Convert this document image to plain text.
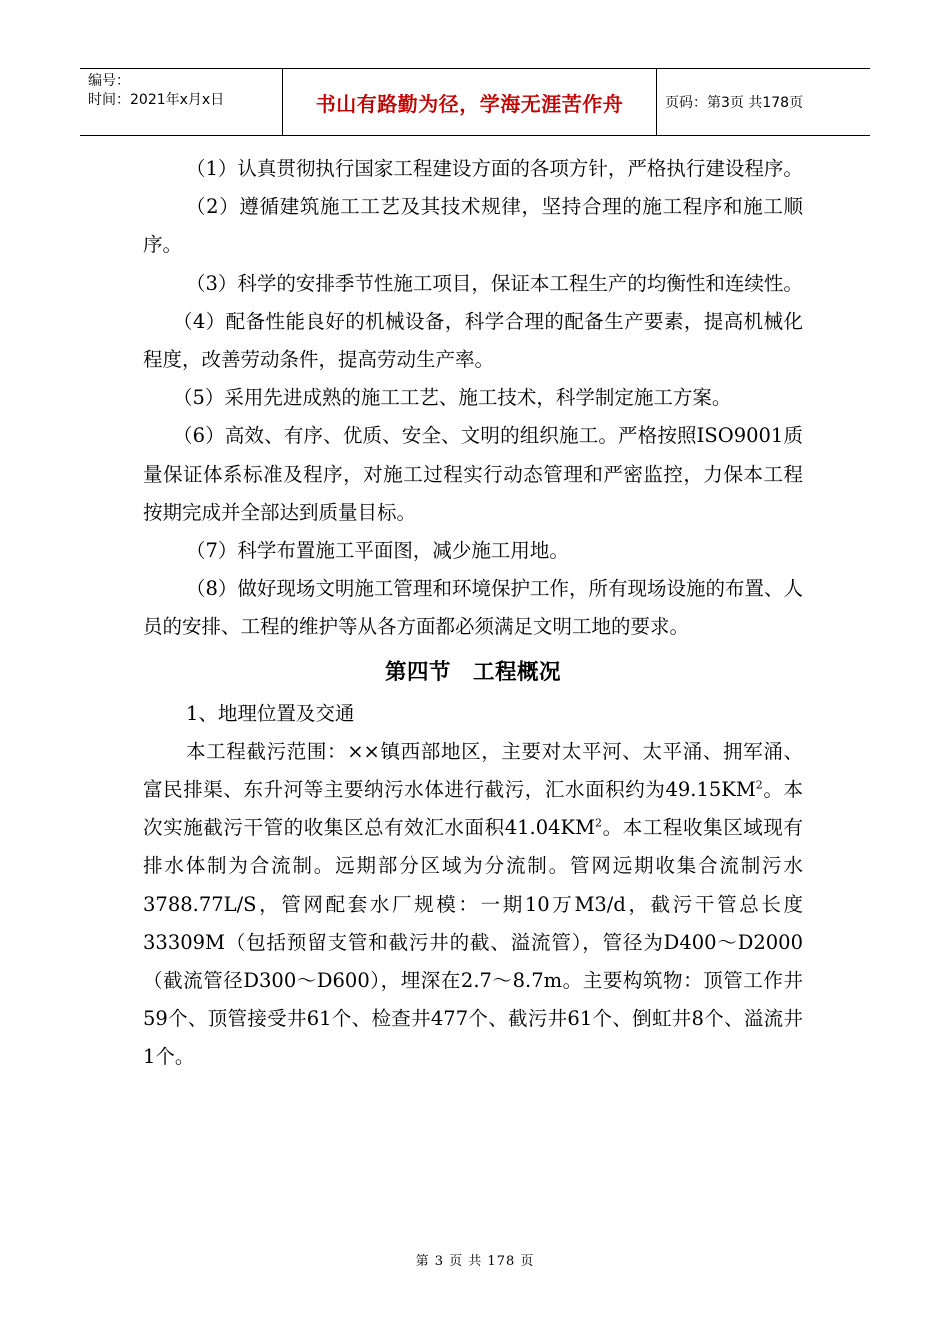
编号：
时间：2021年x月x日	书山有路勤为径，学海无涯苦作舟	页码：第3页 共178页

（1）认真贯彻执行国家工程建设方面的各项方针，严格执行建设程序。

（2）遵循建筑施工工艺及其技术规律，坚持合理的施工程序和施工顺序。

（3）科学的安排季节性施工项目，保证本工程生产的均衡性和连续性。

（4）配备性能良好的机械设备，科学合理的配备生产要素，提高机械化程度，改善劳动条件，提高劳动生产率。

（5）采用先进成熟的施工工艺、施工技术，科学制定施工方案。

（6）高效、有序、优质、安全、文明的组织施工。严格按照ISO9001质量保证体系标准及程序，对施工过程实行动态管理和严密监控，力保本工程按期完成并全部达到质量目标。

（7）科学布置施工平面图，减少施工用地。

（8）做好现场文明施工管理和环境保护工作，所有现场设施的布置、人员的安排、工程的维护等从各方面都必须满足文明工地的要求。

第四节　工程概况

1、地理位置及交通

本工程截污范围：××镇西部地区，主要对太平河、太平涌、拥军涌、富民排渠、东升河等主要纳污水体进行截污，汇水面积约为$49.15KM^2$。本次实施截污干管的收集区总有效汇水面积$41.04KM^2$。本工程收集区域现有排水体制为合流制。远期部分区域为分流制。管网远期收集合流制污水3788.77L/S，管网配套水厂规模：一期10万M3/d，截污干管总长度33309M（包括预留支管和截污井的截、溢流管），管径为D400～D2000（截流管径D300～D600），埋深在2.7～8.7m。主要构筑物：顶管工作井59个、顶管接受井61个、检查井477个、截污井61个、倒虹井8个、溢流井1个。

第 3 页 共 178 页
